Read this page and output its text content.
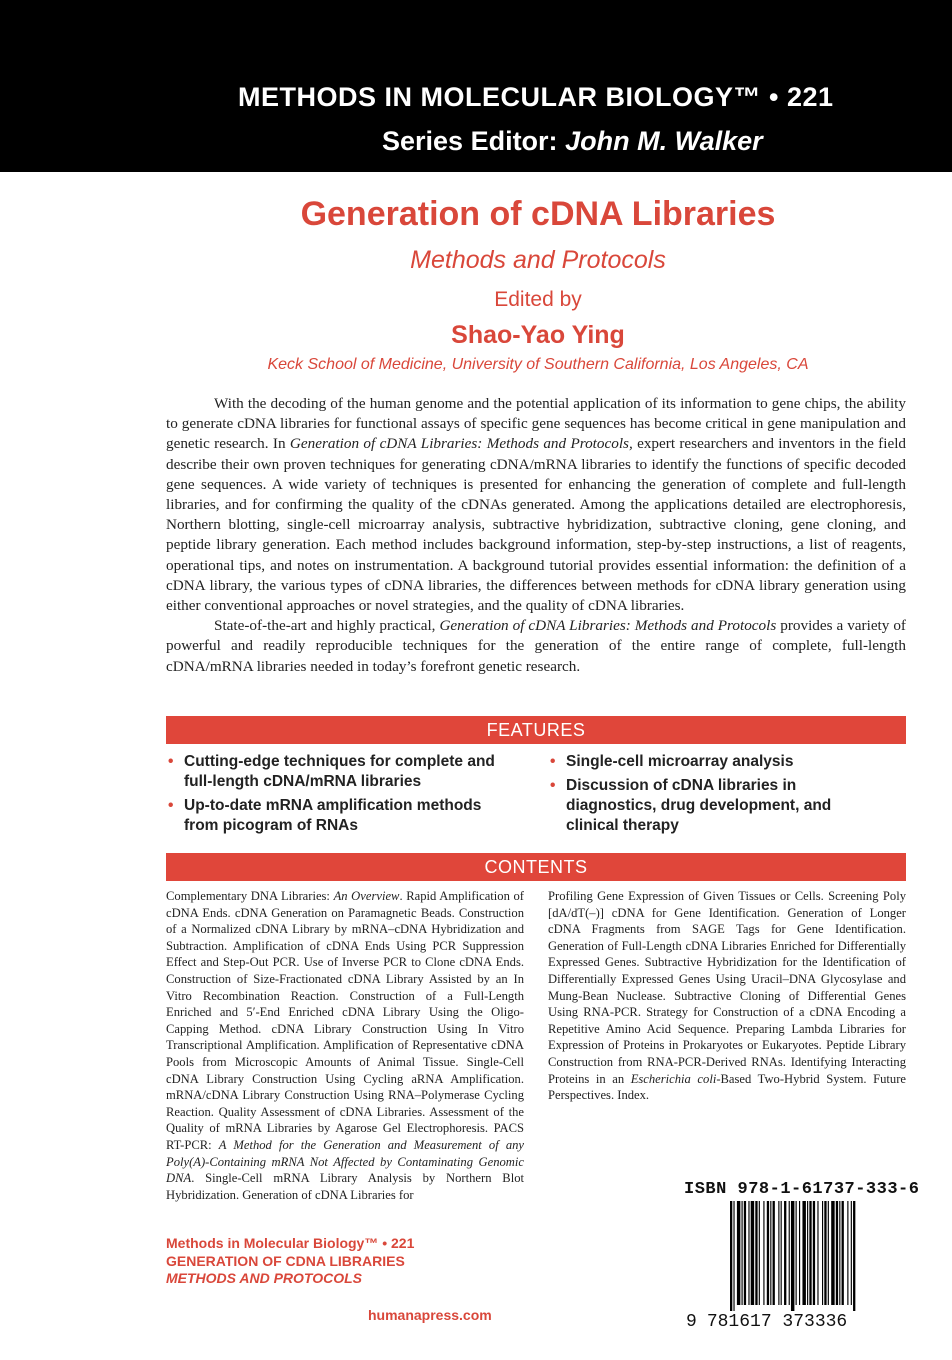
METHODS IN MOLECULAR BIOLOGY™ • 221
Series Editor: John M. Walker
Generation of cDNA Libraries
Methods and Protocols
Edited by
Shao-Yao Ying
Keck School of Medicine, University of Southern California, Los Angeles, CA

With the decoding of the human genome and the potential application of its information to gene chips, the ability to generate cDNA libraries for functional assays of specific gene sequences has become critical in gene manipulation and genetic research. In Generation of cDNA Libraries: Methods and Protocols, expert researchers and inventors in the field describe their own proven techniques for generating cDNA/mRNA libraries to identify the functions of specific decoded gene sequences. A wide variety of techniques is presented for enhancing the generation of complete and full-length libraries, and for confirming the quality of the cDNAs generated. Among the applications detailed are electrophoresis, Northern blotting, single-cell microarray analysis, subtractive hybridization, subtractive cloning, gene cloning, and peptide library generation. Each method includes background information, step-by-step instructions, a list of reagents, operational tips, and notes on instrumentation. A background tutorial provides essential information: the definition of a cDNA library, the various types of cDNA libraries, the differences between methods for cDNA library generation using either conventional approaches or novel strategies, and the quality of cDNA libraries.

State-of-the-art and highly practical, Generation of cDNA Libraries: Methods and Protocols provides a variety of powerful and readily reproducible techniques for the generation of the entire range of complete, full-length cDNA/mRNA libraries needed in today’s forefront genetic research.

FEATURES
• Cutting-edge techniques for complete and full-length cDNA/mRNA libraries
• Up-to-date mRNA amplification methods from picogram of RNAs
• Single-cell microarray analysis
• Discussion of cDNA libraries in diagnostics, drug development, and clinical therapy
CONTENTS
Complementary DNA Libraries: An Overview. Rapid Amplification of cDNA Ends. cDNA Generation on Paramagnetic Beads. Construction of a Normalized cDNA Library by mRNA–cDNA Hybridization and Subtraction. Amplification of cDNA Ends Using PCR Suppression Effect and Step-Out PCR. Use of Inverse PCR to Clone cDNA Ends. Construction of Size-Fractionated cDNA Library Assisted by an In Vitro Recombination Reaction. Construction of a Full-Length Enriched and 5′-End Enriched cDNA Library Using the Oligo-Capping Method. cDNA Library Construction Using In Vitro Transcriptional Amplification. Amplification of Representative cDNA Pools from Microscopic Amounts of Animal Tissue. Single-Cell cDNA Library Construction Using Cycling aRNA Amplification. mRNA/cDNA Library Construction Using RNA–Polymerase Cycling Reaction. Quality Assessment of cDNA Libraries. Assessment of the Quality of mRNA Libraries by Agarose Gel Electrophoresis. PACS RT-PCR: A Method for the Generation and Measurement of any Poly(A)-Containing mRNA Not Affected by Contaminating Genomic DNA. Single-Cell mRNA Library Analysis by Northern Blot Hybridization. Generation of cDNA Libraries for
Profiling Gene Expression of Given Tissues or Cells. Screening Poly [dA/dT(–)] cDNA for Gene Identification. Generation of Longer cDNA Fragments from SAGE Tags for Gene Identification. Generation of Full-Length cDNA Libraries Enriched for Differentially Expressed Genes. Subtractive Hybridization for the Identification of Differentially Expressed Genes Using Uracil–DNA Glycosylase and Mung-Bean Nuclease. Subtractive Cloning of Differential Genes Using RNA-PCR. Strategy for Construction of a cDNA Encoding a Repetitive Amino Acid Sequence. Preparing Lambda Libraries for Expression of Proteins in Prokaryotes or Eukaryotes. Peptide Library Construction from RNA-PCR-Derived RNAs. Identifying Interacting Proteins in an Escherichia coli-Based Two-Hybrid System. Future Perspectives. Index.
ISBN 978-1-61737-333-6
9 781617 373336
Methods in Molecular Biology™ • 221
GENERATION OF CDNA LIBRARIES
METHODS AND PROTOCOLS
humanapress.com
